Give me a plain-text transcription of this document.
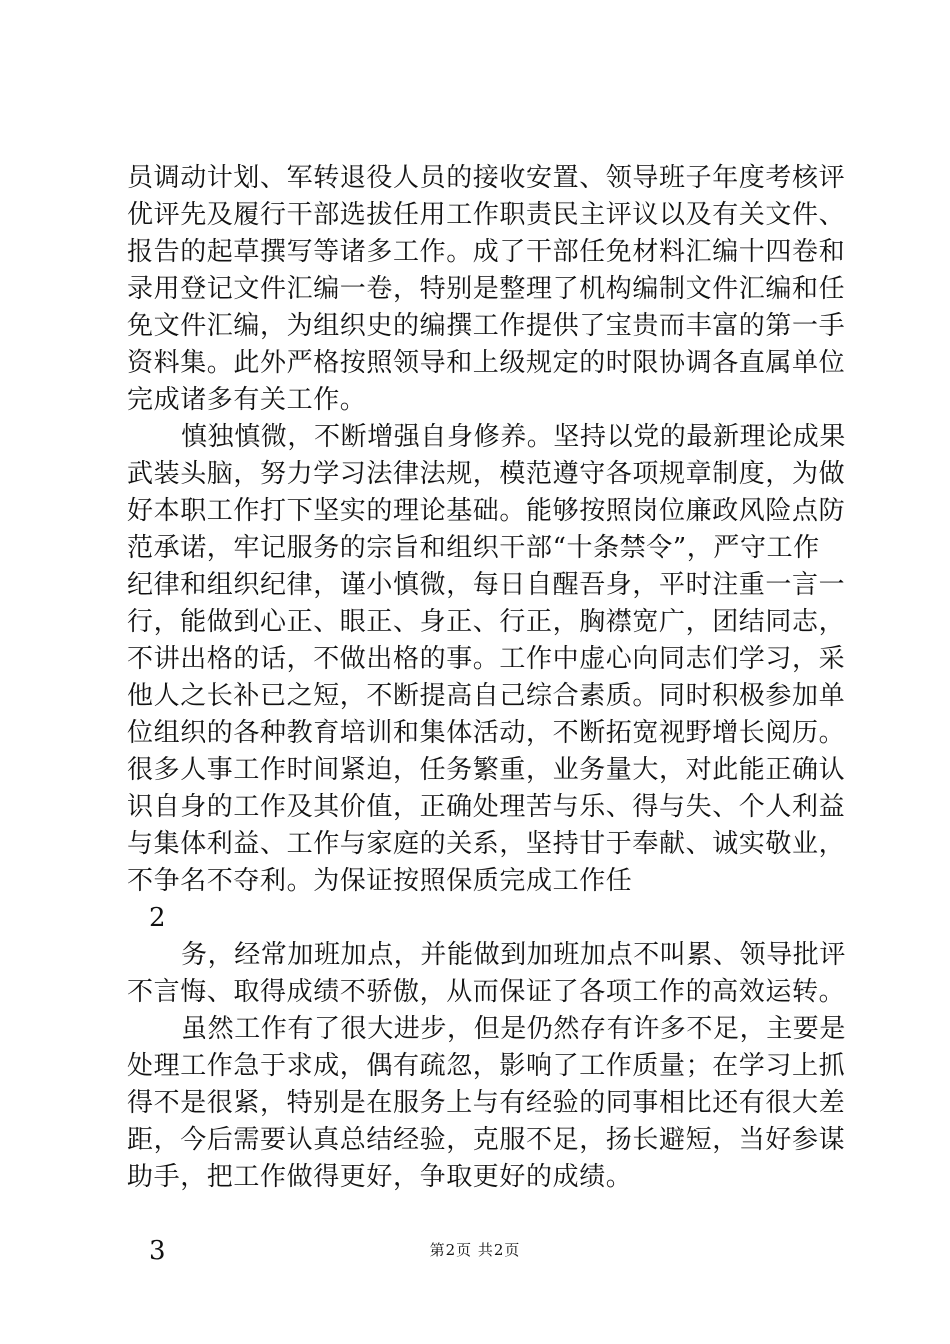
员调动计划、军转退役人员的接收安置、领导班子年度考核评
优评先及履行干部选拔任用工作职责民主评议以及有关文件、
报告的起草撰写等诸多工作。成了干部任免材料汇编十四卷和
录用登记文件汇编一卷，特别是整理了机构编制文件汇编和任
免文件汇编，为组织史的编撰工作提供了宝贵而丰富的第一手
资料集。此外严格按照领导和上级规定的时限协调各直属单位
完成诸多有关工作。
慎独慎微，不断增强自身修养。坚持以党的最新理论成果
武装头脑，努力学习法律法规，模范遵守各项规章制度，为做
好本职工作打下坚实的理论基础。能够按照岗位廉政风险点防
范承诺，牢记服务的宗旨和组织干部“十条禁令”，严守工作
纪律和组织纪律，谨小慎微，每日自醒吾身，平时注重一言一
行，能做到心正、眼正、身正、行正，胸襟宽广，团结同志，
不讲出格的话，不做出格的事。工作中虚心向同志们学习，采
他人之长补已之短，不断提高自己综合素质。同时积极参加单
位组织的各种教育培训和集体活动，不断拓宽视野增长阅历。
很多人事工作时间紧迫，任务繁重，业务量大，对此能正确认
识自身的工作及其价值，正确处理苦与乐、得与失、个人利益
与集体利益、工作与家庭的关系，坚持甘于奉献、诚实敬业，
不争名不夺利。为保证按照保质完成工作任
2
务，经常加班加点，并能做到加班加点不叫累、领导批评
不言悔、取得成绩不骄傲，从而保证了各项工作的高效运转。
虽然工作有了很大进步，但是仍然存有许多不足，主要是
处理工作急于求成，偶有疏忽，影响了工作质量；在学习上抓
得不是很紧，特别是在服务上与有经验的同事相比还有很大差
距，今后需要认真总结经验，克服不足，扬长避短，当好参谋
助手，把工作做得更好，争取更好的成绩。
3	第2页 共2页
